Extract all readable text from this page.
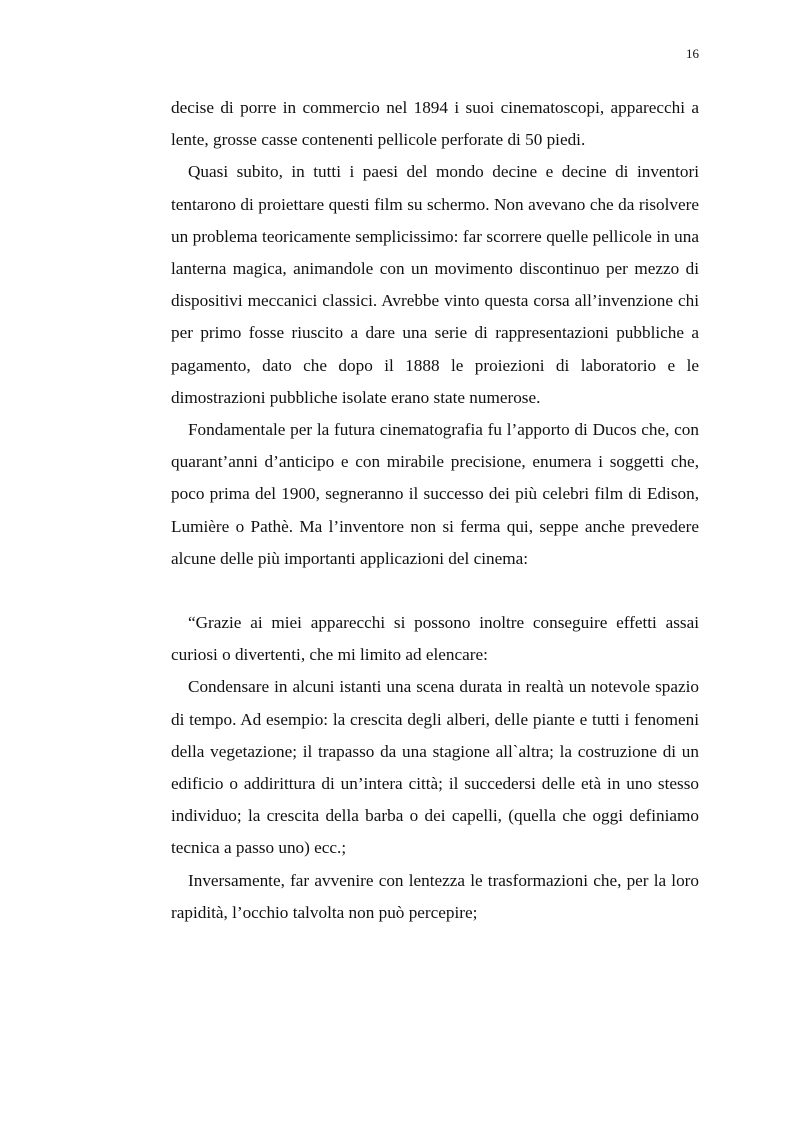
16

decise di porre in commercio nel 1894 i suoi cinematoscopi, apparecchi a lente, grosse casse contenenti pellicole perforate di 50 piedi.

Quasi subito, in tutti i paesi del mondo decine e decine di inventori tentarono di proiettare questi film su schermo. Non avevano che da risolvere un problema teoricamente semplicissimo: far scorrere quelle pellicole in una lanterna magica, animandole con un movimento discontinuo per mezzo di dispositivi meccanici classici. Avrebbe vinto questa corsa all’invenzione chi per primo fosse riuscito a dare una serie di rappresentazioni pubbliche a pagamento, dato che dopo il 1888 le proiezioni di laboratorio e le dimostrazioni pubbliche isolate erano state numerose.

Fondamentale per la futura cinematografia fu l’apporto di Ducos che, con quarant’anni d’anticipo e con mirabile precisione, enumera i soggetti che, poco prima del 1900, segneranno il successo dei più celebri film di Edison, Lumière o Pathè. Ma l’inventore non si ferma qui, seppe anche prevedere alcune delle più importanti applicazioni del cinema:

“Grazie ai miei apparecchi si possono inoltre conseguire effetti assai curiosi o divertenti, che mi limito ad elencare:

Condensare in alcuni istanti una scena durata in realtà un notevole spazio di tempo. Ad esempio: la crescita degli alberi, delle piante e tutti i fenomeni della vegetazione; il trapasso da una stagione all`altra; la costruzione di un edificio o addirittura di un’intera città; il succedersi delle età in uno stesso individuo; la crescita della barba o dei capelli, (quella che oggi definiamo tecnica a passo uno) ecc.;

Inversamente, far avvenire con lentezza le trasformazioni che, per la loro rapidità, l’occhio talvolta non può percepire;
